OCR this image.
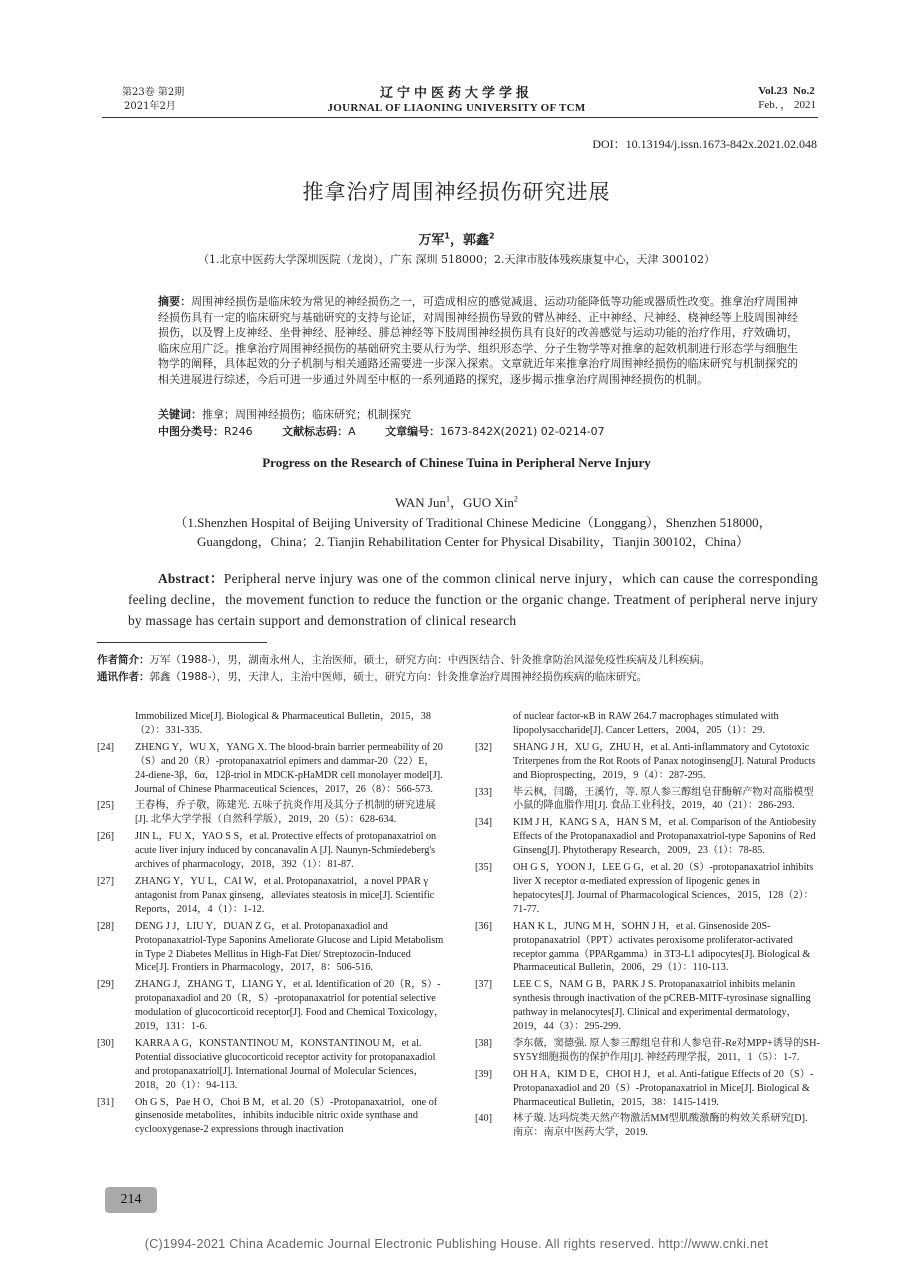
第23卷 第2期
2021年2月
辽宁中医药大学学报
JOURNAL OF LIAONING UNIVERSITY OF TCM
Vol.23 No.2
Feb．， 2021
DOI：10.13194/j.issn.1673-842x.2021.02.048
推拿治疗周围神经损伤研究进展
万军$^1$，郭鑫$^2$
（1.北京中医药大学深圳医院（龙岗），广东 深圳 518000；2.天津市肢体残疾康复中心，天津 300102）
摘要：周围神经损伤是临床较为常见的神经损伤之一，可造成相应的感觉减退、运动功能降低等功能或器质性改变。推拿治疗周围神经损伤具有一定的临床研究与基础研究的支持与论证，对周围神经损伤导致的臂丛神经、正中神经、尺神经、桡神经等上肢周围神经损伤，以及臀上皮神经、坐骨神经、胫神经、腓总神经等下肢周围神经损伤具有良好的改善感觉与运动功能的治疗作用，疗效确切，临床应用广泛。推拿治疗周围神经损伤的基础研究主要从行为学、组织形态学、分子生物学等对推拿的起效机制进行形态学与细胞生物学的阐释，具体起效的分子机制与相关通路还需要进一步深入探索。文章就近年来推拿治疗周围神经损伤的临床研究与机制探究的相关进展进行综述，今后可进一步通过外周至中枢的一系列通路的探究，逐步揭示推拿治疗周围神经损伤的机制。
关键词：推拿；周围神经损伤；临床研究；机制探究
中图分类号：R246	文献标志码：A	文章编号：1673-842X(2021) 02-0214-07
Progress on the Research of Chinese Tuina in Peripheral Nerve Injury
WAN Jun$^1$，GUO Xin$^2$
（1.Shenzhen Hospital of Beijing University of Traditional Chinese Medicine（Longgang），Shenzhen 518000，
Guangdong，China；2. Tianjin Rehabilitation Center for Physical Disability，Tianjin 300102，China）
Abstract：Peripheral nerve injury was one of the common clinical nerve injury，which can cause the corresponding feeling decline，the movement function to reduce the function or the organic change. Treatment of peripheral nerve injury by massage has certain support and demonstration of clinical research
作者简介：万军（1988-），男，湖南永州人，主治医师，硕士，研究方向：中西医结合、针灸推拿防治风湿免疫性疾病及儿科疾病。
通讯作者：郭鑫（1988-），男，天津人，主治中医师，硕士，研究方向：针灸推拿治疗周围神经损伤疾病的临床研究。
Immobilized Mice[J]. Biological & Pharmaceutical Bulletin，2015，38（2）：331-335.
[24]	ZHENG Y，WU X，YANG X. The blood-brain barrier permeability of 20（S）and 20（R）-protopanaxatriol epimers and dammar-20（22）E，24-diene-3β，6α，12β-triol in MDCK-pHaMDR cell monolayer model[J]. Journal of Chinese Pharmaceutical Sciences，2017，26（8）：566-573.
[25]	王春梅，乔子敬，陈建光. 五味子抗炎作用及其分子机制的研究进展[J]. 北华大学学报（自然科学版），2019，20（5）：628-634.
[26]	JIN L，FU X，YAO S S，et al. Protective effects of protopanaxatriol on acute liver injury induced by concanavalin A [J]. Naunyn-Schmiedeberg's archives of pharmacology，2018，392（1）：81-87.
[27]	ZHANG Y，YU L，CAI W，et al. Protopanaxatriol，a novel PPAR γ antagonist from Panax ginseng，alleviates steatosis in mice[J]. Scientific Reports，2014，4（1）：1-12.
[28]	DENG J J，LIU Y，DUAN Z G，et al. Protopanaxadiol and Protopanaxatriol-Type Saponins Ameliorate Glucose and Lipid Metabolism in Type 2 Diabetes Mellitus in High-Fat Diet/ Streptozocin-Induced Mice[J]. Frontiers in Pharmacology，2017，8：506-516.
[29]	ZHANG J，ZHANG T，LIANG Y，et al. Identification of 20（R，S）-protopanaxadiol and 20（R，S）-protopanaxatriol for potential selective modulation of glucocorticoid receptor[J]. Food and Chemical Toxicology，2019，131：1-6.
[30]	KARRA A G，KONSTANTINOU M，KONSTANTINOU M，et al. Potential dissociative glucocorticoid receptor activity for protopanaxadiol and protopanaxatriol[J]. International Journal of Molecular Sciences，2018，20（1）：94-113.
[31]	Oh G S，Pae H O，Choi B M，et al. 20（S）-Protopanaxatriol，one of ginsenoside metabolites，inhibits inducible nitric oxide synthase and cyclooxygenase-2 expressions through inactivation
of nuclear factor-κB in RAW 264.7 macrophages stimulated with lipopolysaccharide[J]. Cancer Letters，2004，205（1）：29.
[32]	SHANG J H，XU G，ZHU H，et al. Anti-inflammatory and Cytotoxic Triterpenes from the Rot Roots of Panax notoginseng[J]. Natural Products and Bioprospecting，2019，9（4）：287-295.
[33]	毕云枫，闫璐，王溪竹，等. 原人参三醇组皂苷酶解产物对高脂模型小鼠的降血脂作用[J]. 食品工业科技，2019，40（21）：286-293.
[34]	KIM J H，KANG S A，HAN S M，et al. Comparison of the Antiobesity Effects of the Protopanaxadiol and Protopanaxatriol-type Saponins of Red Ginseng[J]. Phytotherapy Research，2009，23（1）：78-85.
[35]	OH G S，YOON J，LEE G G，et al. 20（S）-protopanaxatriol inhibits liver X receptor α-mediated expression of lipogenic genes in hepatocytes[J]. Journal of Pharmacological Sciences，2015，128（2）：71-77.
[36]	HAN K L，JUNG M H，SOHN J H，et al. Ginsenoside 20S-protopanaxatriol（PPT）activates peroxisome proliferator-activated receptor gamma（PPARgamma）in 3T3-L1 adipocytes[J]. Biological & Pharmaceutical Bulletin，2006，29（1）：110-113.
[37]	LEE C S，NAM G B，PARK J S. Protopanaxatriol inhibits melanin synthesis through inactivation of the pCREB-MITF-tyrosinase signalling pathway in melanocytes[J]. Clinical and experimental dermatology，2019，44（3）：295-299.
[38]	李东薇，窦德强. 原人参三醇组皂苷和人参皂苷-Re对MPP+诱导的SH-SY5Y细胞损伤的保护作用[J]. 神经药理学报，2011，1（5）：1-7.
[39]	OH H A，KIM D E，CHOI H J，et al. Anti-fatigue Effects of 20（S）-Protopanaxadiol and 20（S）-Protopanaxatriol in Mice[J]. Biological & Pharmaceutical Bulletin，2015，38：1415-1419.
[40]	林子璇. 达玛烷类天然产物激活MM型肌酸激酶的构效关系研究[D]. 南京：南京中医药大学，2019.
214
(C)1994-2021 China Academic Journal Electronic Publishing House. All rights reserved. http://www.cnki.net
